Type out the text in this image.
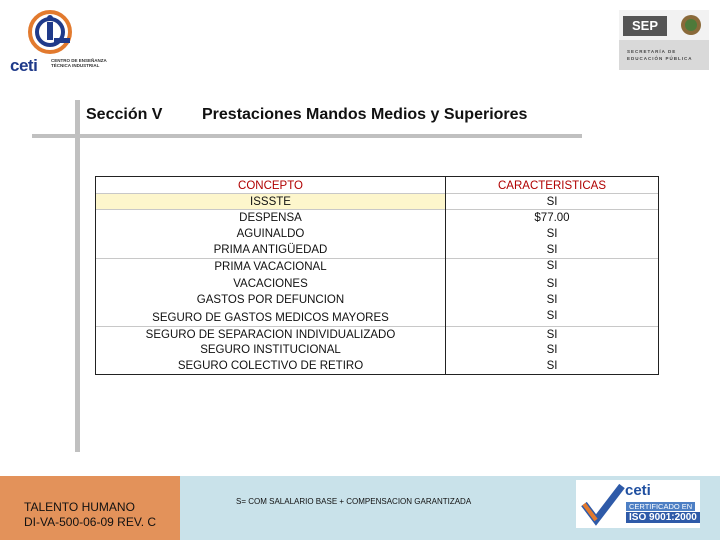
ceti	CENTRO DE ENSEÑANZA TÉCNICA INDUSTRIAL
SEP
SECRETARÍA DE EDUCACIÓN PÚBLICA
Sección V Prestaciones Mandos Medios y Superiores
CONCEPTO	CARACTERISTICAS
ISSSTE	SI
DESPENSA	$77.00
AGUINALDO	SI
PRIMA ANTIGÜEDAD	SI
PRIMA VACACIONAL	SI
VACACIONES	SI
GASTOS POR DEFUNCION	SI
SEGURO DE GASTOS MEDICOS MAYORES	SI
SEGURO DE SEPARACION INDIVIDUALIZADO	SI
SEGURO INSTITUCIONAL	SI
SEGURO COLECTIVO DE RETIRO	SI
TALENTO HUMANO
DI-VA-500-06-09 REV. C
S= COM SALALARIO BASE + COMPENSACION GARANTIZADA
ceti
CERTIFICADO EN
ISO 9001:2000
